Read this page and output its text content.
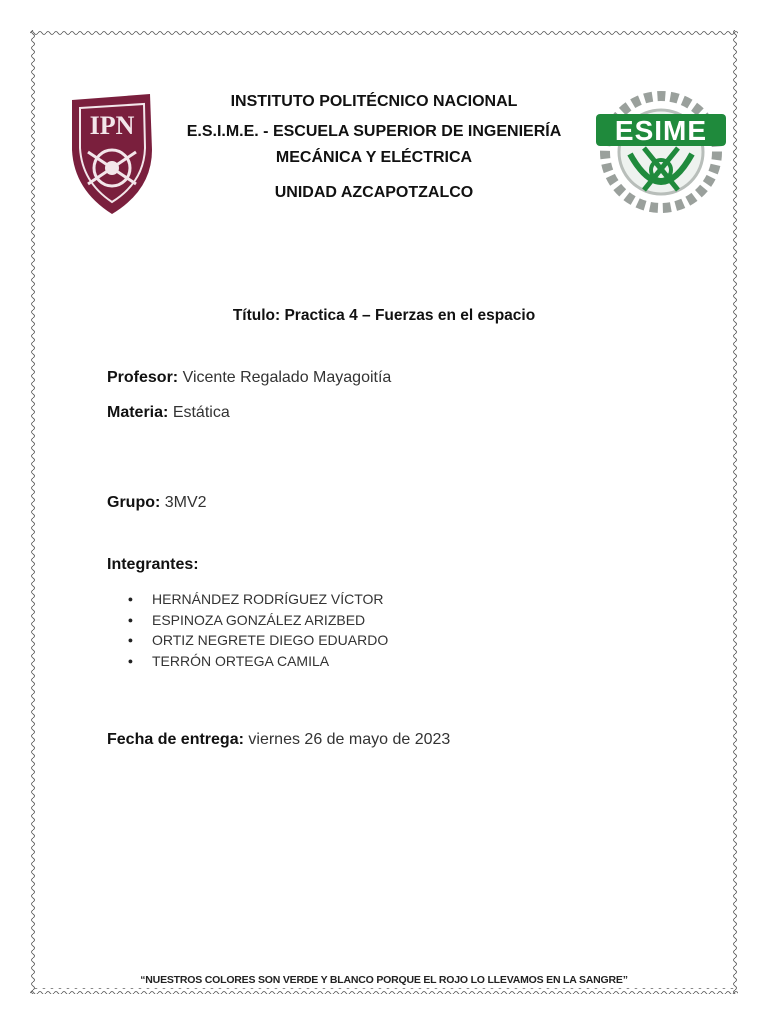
IPN	ESIME
INSTITUTO POLITÉCNICO NACIONAL
E.S.I.M.E. - ESCUELA SUPERIOR DE INGENIERÍA
MECÁNICA Y ELÉCTRICA
UNIDAD AZCAPOTZALCO
Título: Practica 4 – Fuerzas en el espacio
Profesor: Vicente Regalado Mayagoitía
Materia: Estática
Grupo: 3MV2
Integrantes:
●	HERNÁNDEZ RODRÍGUEZ VÍCTOR
●	ESPINOZA GONZÁLEZ ARIZBED
●	ORTIZ NEGRETE DIEGO EDUARDO
●	TERRÓN ORTEGA CAMILA
Fecha de entrega: viernes 26 de mayo de 2023
“NUESTROS COLORES SON VERDE Y BLANCO PORQUE EL ROJO LO LLEVAMOS EN LA SANGRE”
